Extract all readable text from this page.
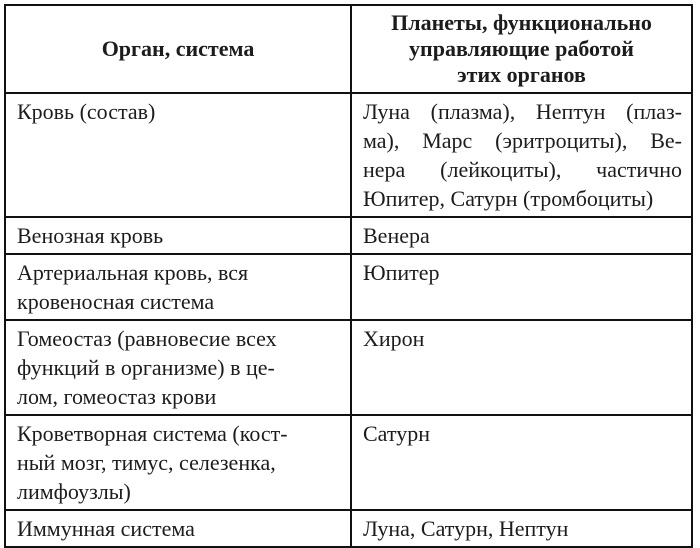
Орган, система	Планеты, функционально
управляющие работой
этих органов

Кровь (состав)	Луна (плазма), Нептун (плаз-
ма), Марс (эритроциты), Ве-
нера (лейкоциты), частично
Юпитер, Сатурн (тромбоциты)

Венозная кровь	Венера

Артериальная кровь, вся
кровеносная система	Юпитер

Гомеостаз (равновесие всех
функций в организме) в це-
лом, гомеостаз крови	Хирон

Кроветворная система (кост-
ный мозг, тимус, селезенка,
лимфоузлы)	Сатурн

Иммунная система	Луна, Сатурн, Нептун
